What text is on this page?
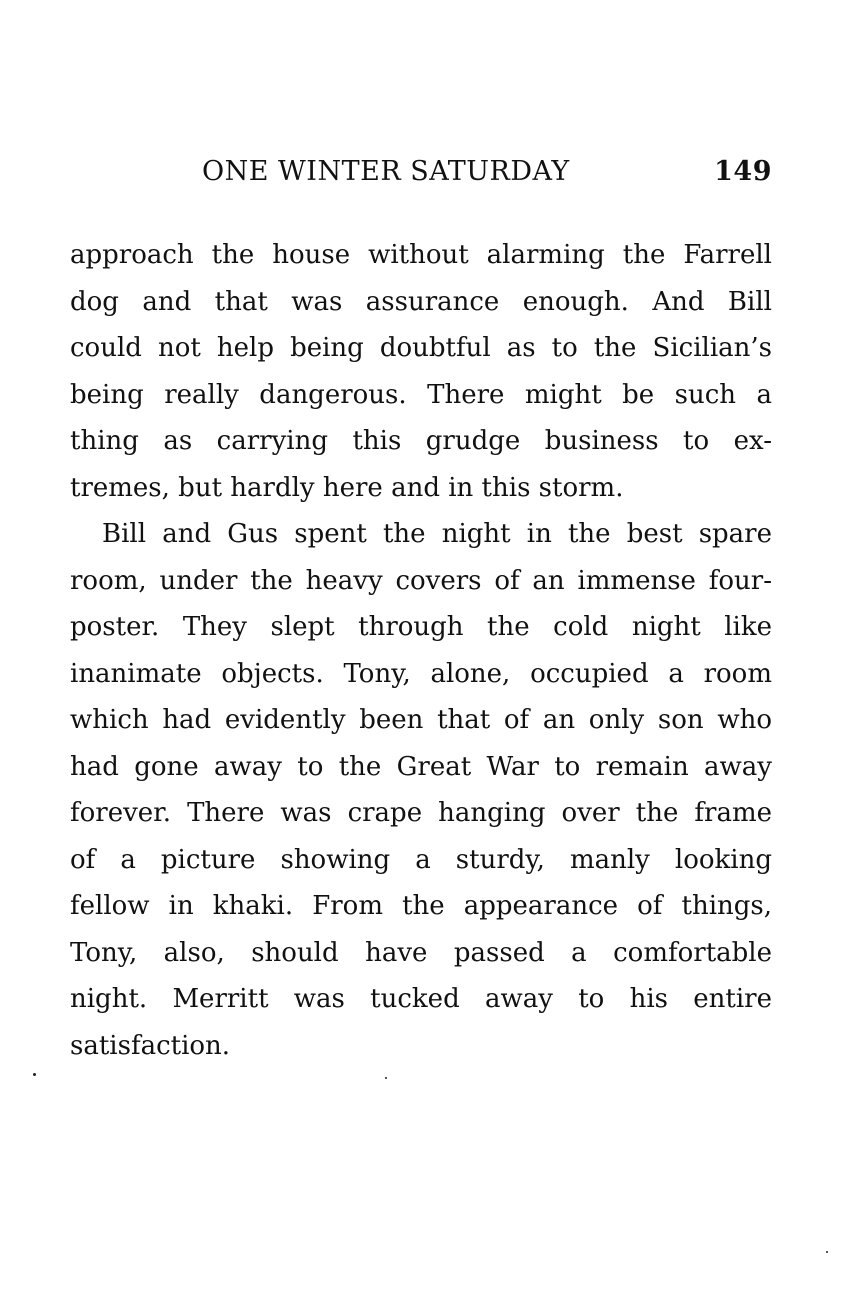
ONE WINTER SATURDAY	149
approach the house without alarming the Farrell
dog and that was assurance enough. And Bill
could not help being doubtful as to the Sicilian’s
being really dangerous. There might be such a
thing as carrying this grudge business to ex-
tremes, but hardly here and in this storm.
Bill and Gus spent the night in the best spare
room, under the heavy covers of an immense four-
poster. They slept through the cold night like
inanimate objects. Tony, alone, occupied a room
which had evidently been that of an only son who
had gone away to the Great War to remain away
forever. There was crape hanging over the frame
of a picture showing a sturdy, manly looking
fellow in khaki. From the appearance of things,
Tony, also, should have passed a comfortable
night. Merritt was tucked away to his entire
satisfaction.
